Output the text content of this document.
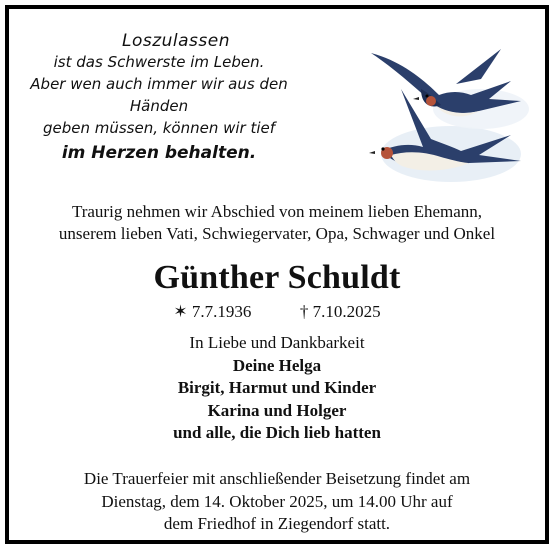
Loszulassen
ist das Schwerste im Leben.
Aber wen auch immer wir aus den Händen
geben müssen, können wir tief
im Herzen behalten.
Traurig nehmen wir Abschied von meinem lieben Ehemann,
unserem lieben Vati, Schwiegervater, Opa, Schwager und Onkel
Günther Schuldt
✶ 7.7.1936	† 7.10.2025
In Liebe und Dankbarkeit
Deine Helga
Birgit, Harmut und Kinder
Karina und Holger
und alle, die Dich lieb hatten
Die Trauerfeier mit anschließender Beisetzung findet am
Dienstag, dem 14. Oktober 2025, um 14.00 Uhr auf
dem Friedhof in Ziegendorf statt.
